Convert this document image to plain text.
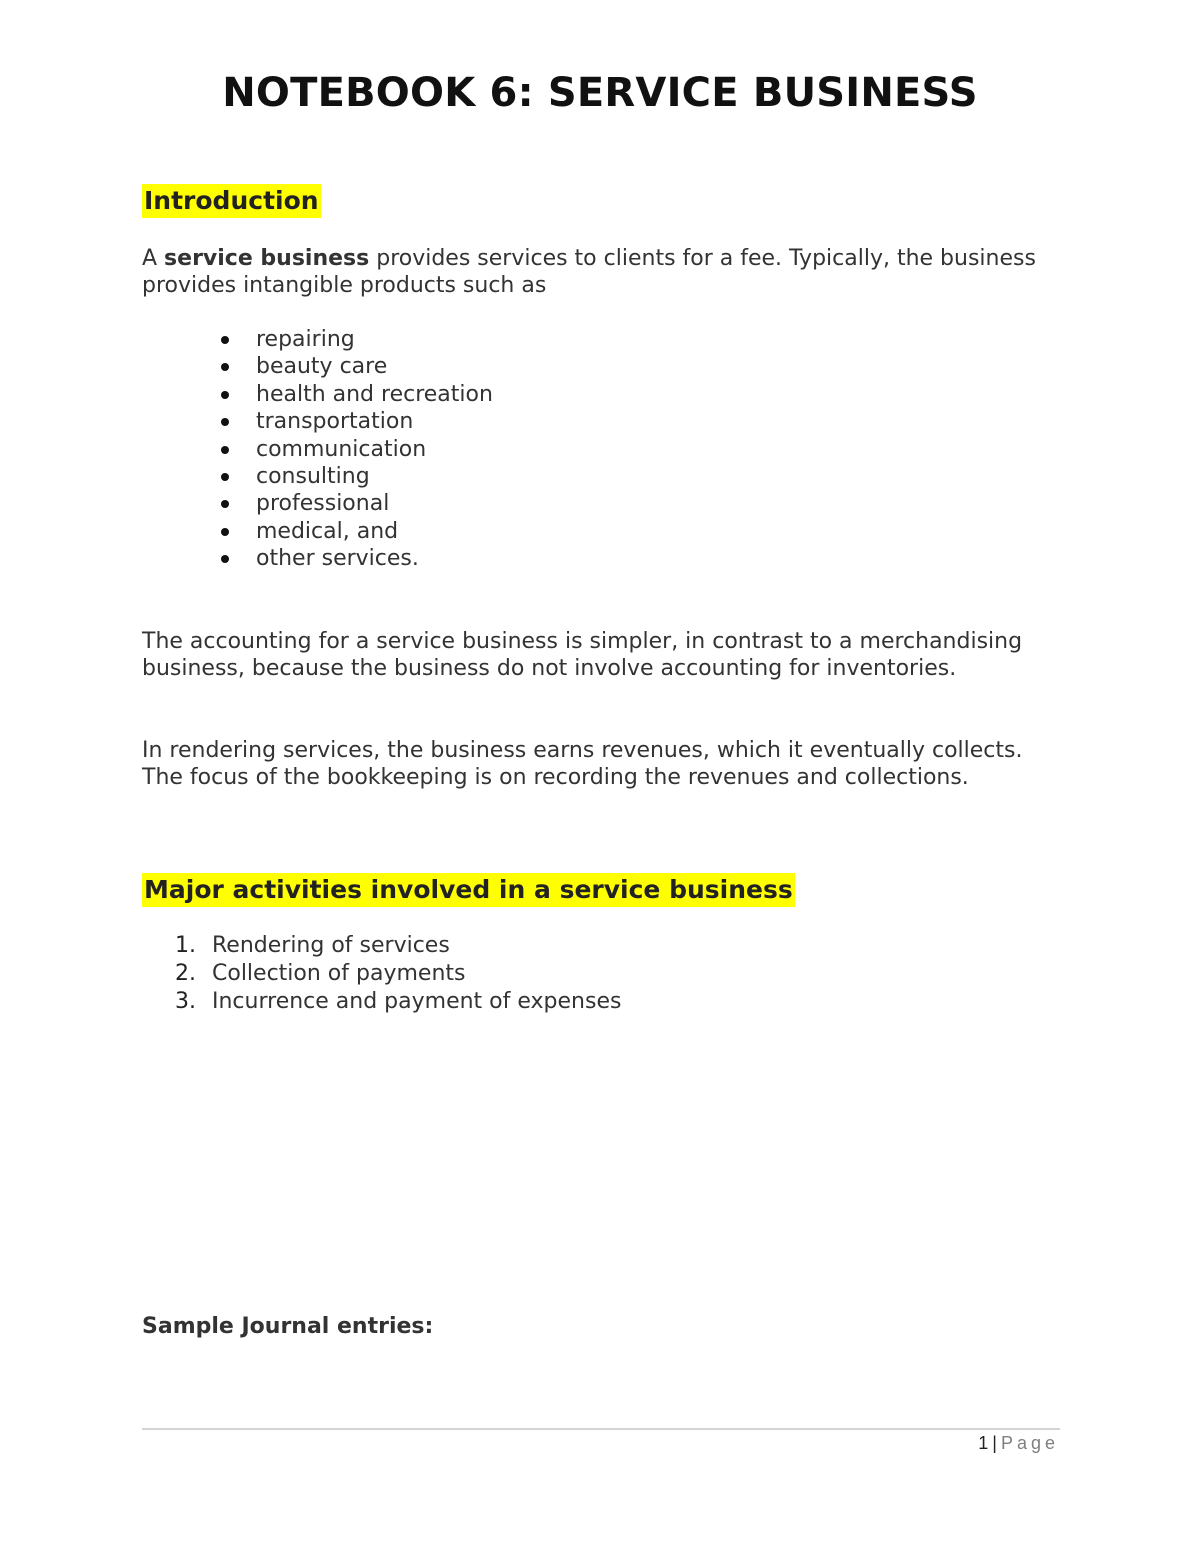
NOTEBOOK 6: SERVICE BUSINESS
Introduction

A service business provides services to clients for a fee. Typically, the business provides intangible products such as

repairing
beauty care
health and recreation
transportation
communication
consulting
professional
medical, and
other services.

The accounting for a service business is simpler, in contrast to a merchandising business, because the business do not involve accounting for inventories.

In rendering services, the business earns revenues, which it eventually collects. The focus of the bookkeeping is on recording the revenues and collections.

Major activities involved in a service business
1. Rendering of services
2. Collection of payments
3. Incurrence and payment of expenses
Sample Journal entries:
1 | Page
